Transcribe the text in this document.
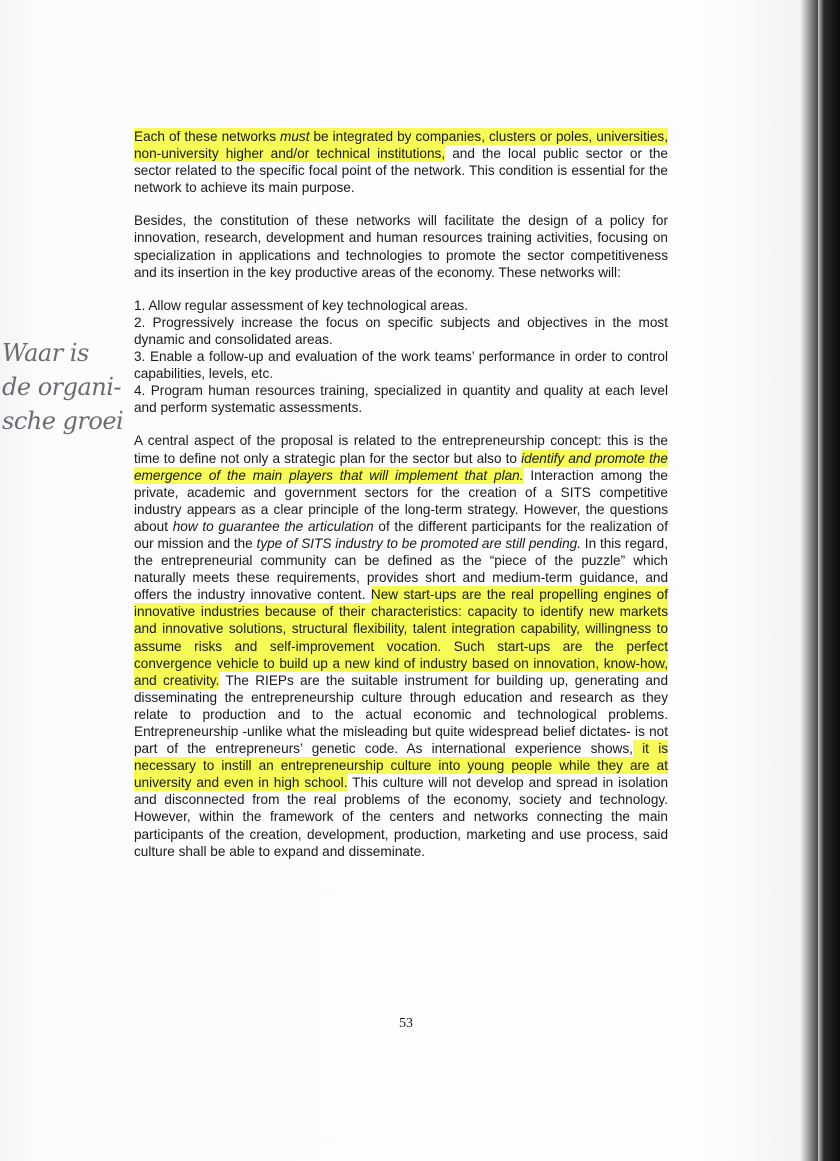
Waar is
de organi-
sche groei

Each of these networks must be integrated by companies, clusters or poles, universities, non-university higher and/or technical institutions, and the local public sector or the sector related to the specific focal point of the network. This condition is essential for the network to achieve its main purpose.

Besides, the constitution of these networks will facilitate the design of a policy for innovation, research, development and human resources training activities, focusing on specialization in applications and technologies to promote the sector competitiveness and its insertion in the key productive areas of the economy. These networks will:

1. Allow regular assessment of key technological areas.
2. Progressively increase the focus on specific subjects and objectives in the most dynamic and consolidated areas.
3. Enable a follow-up and evaluation of the work teams’ performance in order to control capabilities, levels, etc.
4. Program human resources training, specialized in quantity and quality at each level and perform systematic assessments.

A central aspect of the proposal is related to the entrepreneurship concept: this is the time to define not only a strategic plan for the sector but also to identify and promote the emergence of the main players that will implement that plan. Interaction among the private, academic and government sectors for the creation of a SITS competitive industry appears as a clear principle of the long-term strategy. However, the questions about how to guarantee the articulation of the different participants for the realization of our mission and the type of SITS industry to be promoted are still pending. In this regard, the entrepreneurial community can be defined as the “piece of the puzzle” which naturally meets these requirements, provides short and medium-term guidance, and offers the industry innovative content. New start-ups are the real propelling engines of innovative industries because of their characteristics: capacity to identify new markets and innovative solutions, structural flexibility, talent integration capability, willingness to assume risks and self-improvement vocation. Such start-ups are the perfect convergence vehicle to build up a new kind of industry based on innovation, know-how, and creativity. The RIEPs are the suitable instrument for building up, generating and disseminating the entrepreneurship culture through education and research as they relate to production and to the actual economic and technological problems. Entrepreneurship -unlike what the misleading but quite widespread belief dictates- is not part of the entrepreneurs’ genetic code. As international experience shows, it is necessary to instill an entrepreneurship culture into young people while they are at university and even in high school. This culture will not develop and spread in isolation and disconnected from the real problems of the economy, society and technology. However, within the framework of the centers and networks connecting the main participants of the creation, development, production, marketing and use process, said culture shall be able to expand and disseminate.

53
